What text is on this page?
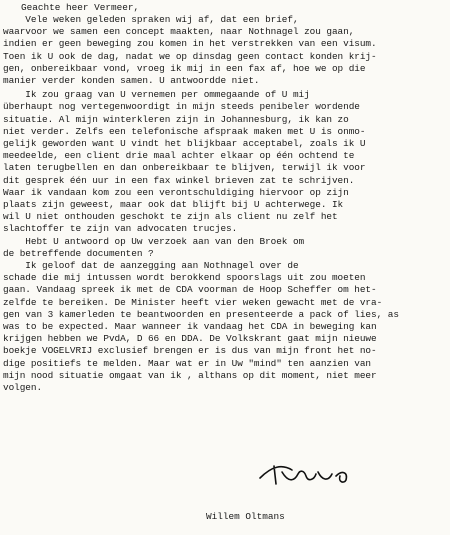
Geachte heer Vermeer,
Vele weken geleden spraken wij af, dat een brief,
waarvoor we samen een concept maakten, naar Nothnagel zou gaan,
indien er geen beweging zou komen in het verstrekken van een visum.
Toen ik U ook de dag, nadat we op dinsdag geen contact konden krij-
gen, onbereikbaar vond, vroeg ik mij in een fax af, hoe we op die
manier verder konden samen. U antwoordde niet.
Ik zou graag van U vernemen per ommegaande of U mij
überhaupt nog vertegenwoordigt in mijn steeds penibeler wordende
situatie. Al mijn winterkleren zijn in Johannesburg, ik kan zo
niet verder. Zelfs een telefonische afspraak maken met U is onmo-
gelijk geworden want U vindt het blijkbaar acceptabel, zoals ik U
meedeelde, een client drie maal achter elkaar op één ochtend te
laten terugbellen en dan onbereikbaar te blijven, terwijl ik voor
dit gesprek één uur in een fax winkel brieven zat te schrijven.
Waar ik vandaan kom zou een verontschuldiging hiervoor op zijn
plaats zijn geweest, maar ook dat blijft bij U achterwege. Ik
wil U niet onthouden geschokt te zijn als client nu zelf het
slachtoffer te zijn van advocaten trucjes.
Hebt U antwoord op Uw verzoek aan van den Broek om
de betreffende documenten ?
Ik geloof dat de aanzegging aan Nothnagel over de
schade die mij intussen wordt berokkend spoorslags uit zou moeten
gaan. Vandaag spreek ik met de CDA voorman de Hoop Scheffer om het-
zelfde te bereiken. De Minister heeft vier weken gewacht met de vra-
gen van 3 kamerleden te beantwoorden en presenteerde a pack of lies, as
was to be expected. Maar wanneer ik vandaag het CDA in beweging kan
krijgen hebben we PvdA, D 66 en DDA. De Volkskrant gaat mijn nieuwe
boekje VOGELVRIJ exclusief brengen er is dus van mijn front het no-
dige positiefs te melden. Maar wat er in Uw "mind" ten aanzien van
mijn nood situatie omgaat van ik , althans op dit moment, niet meer
volgen.
Willem Oltmans
